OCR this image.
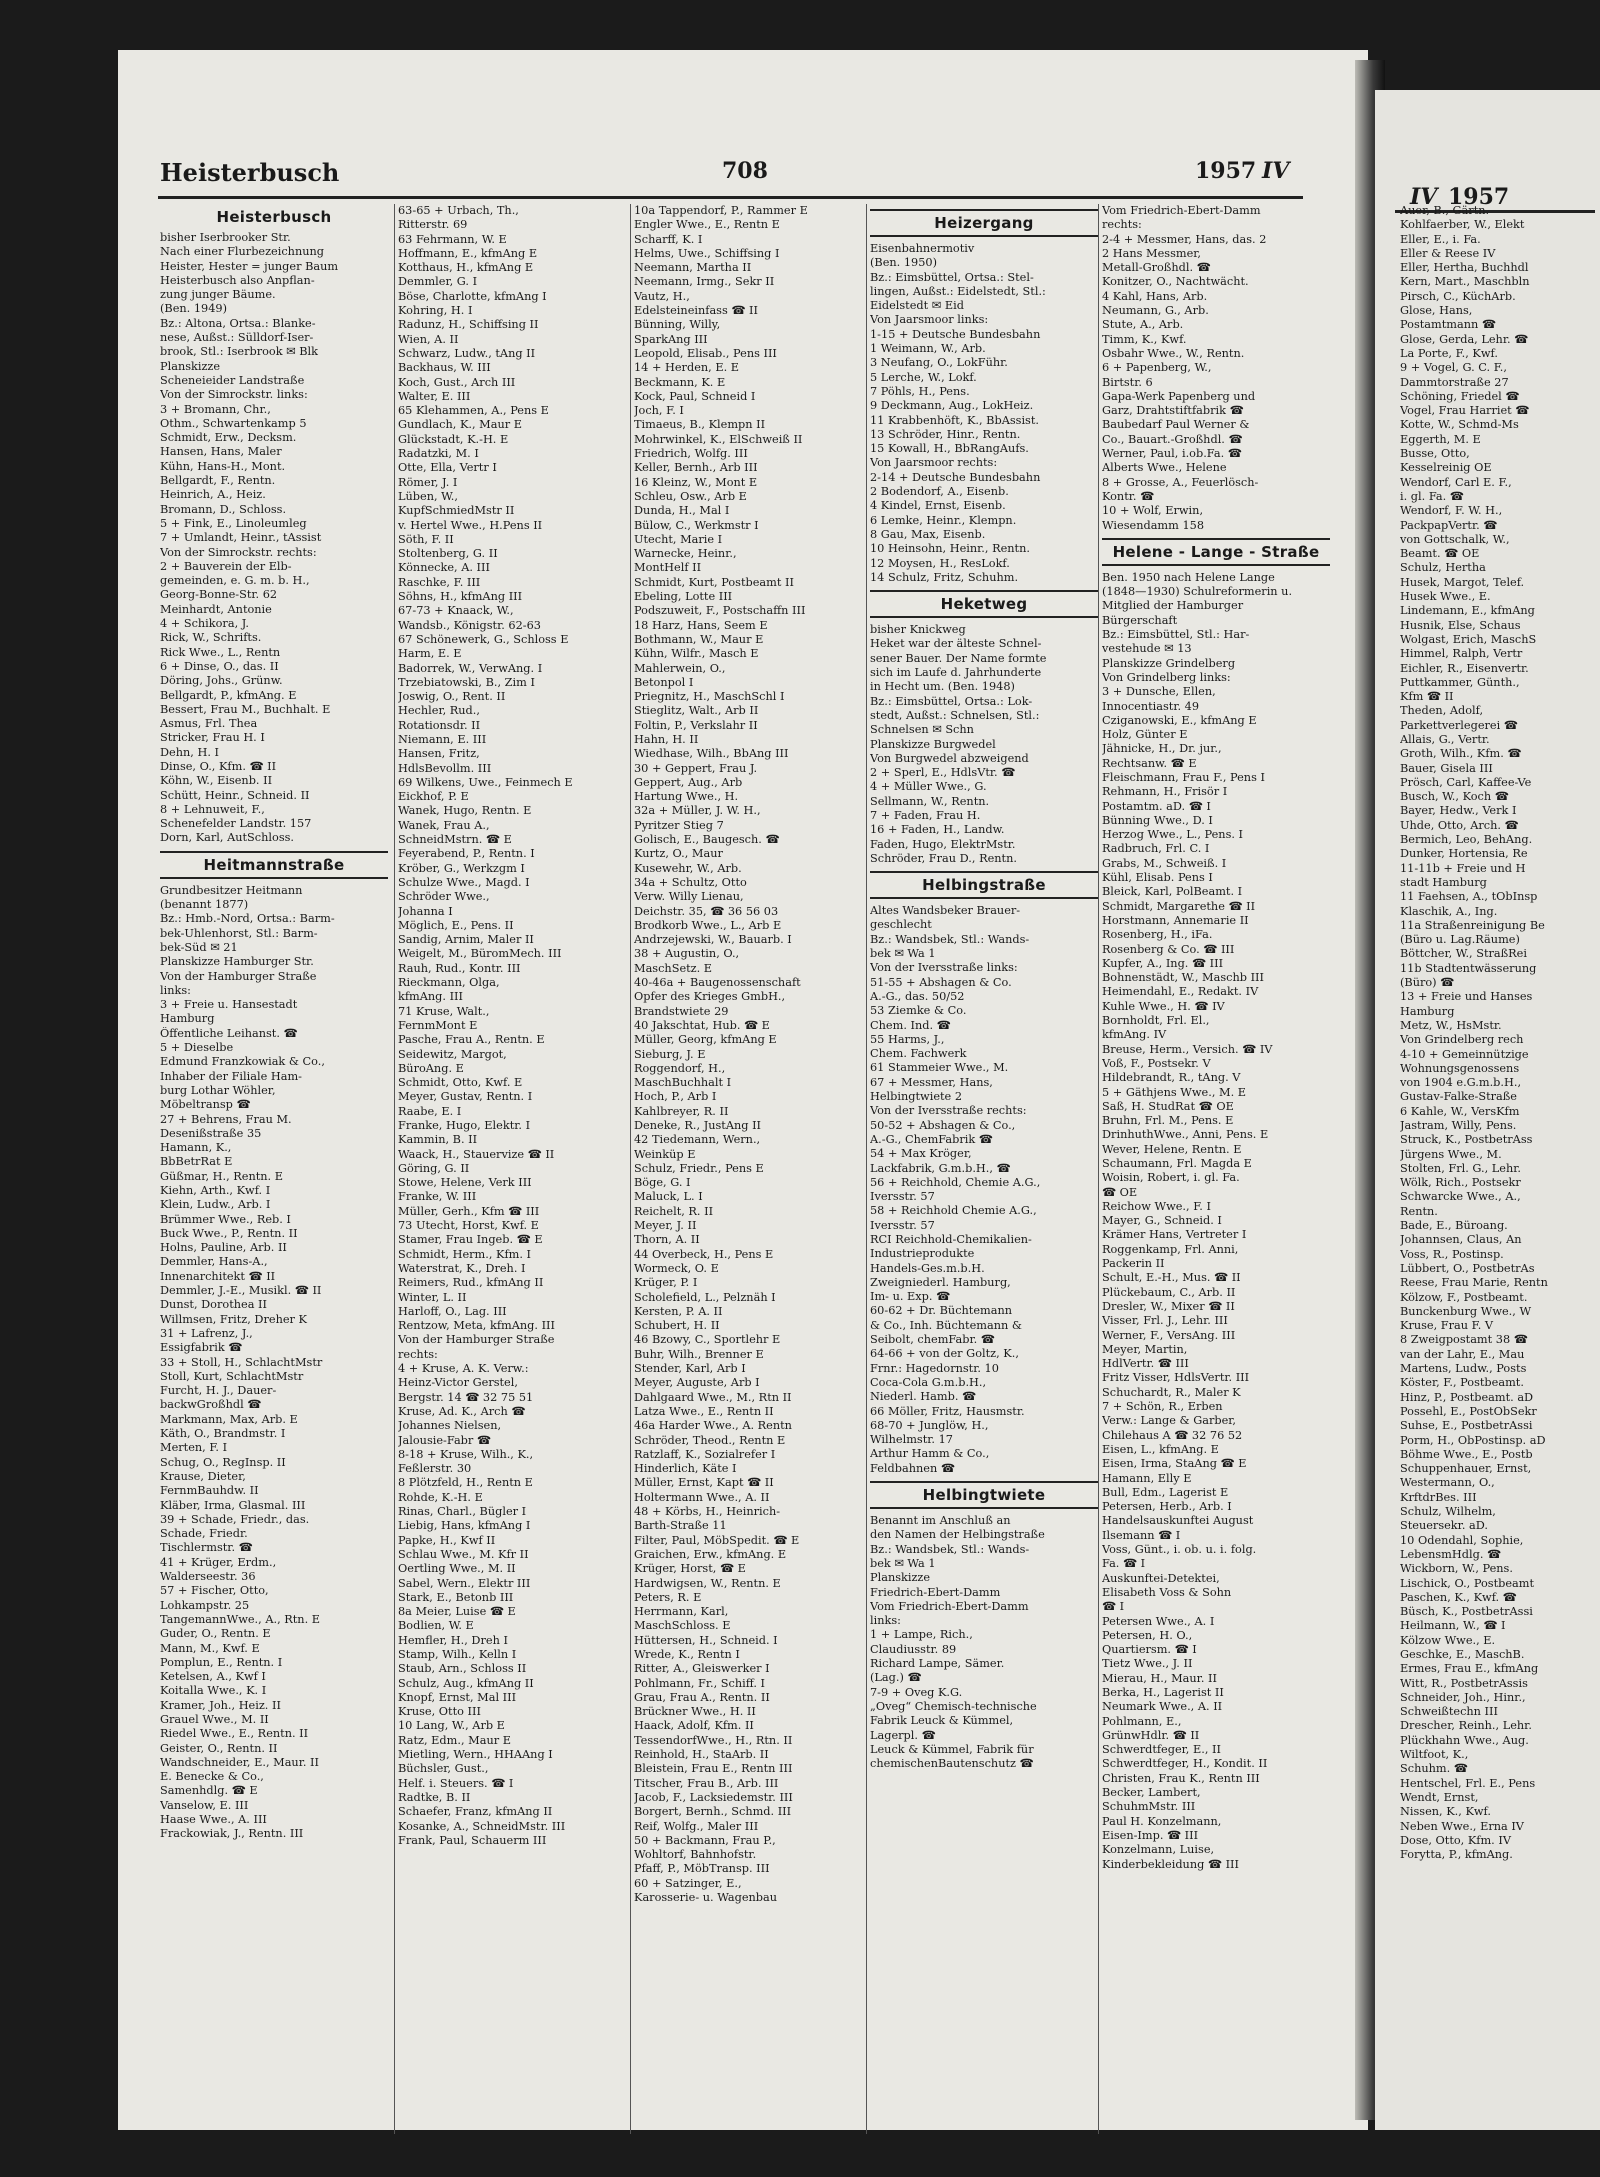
Heisterbusch	708	1957 IV
IV 1957
Heisterbusch
bisher Iserbrooker Str.
Nach einer Flurbezeichnung
Heister, Hester = junger Baum
Heisterbusch also Anpflan-
zung junger Bäume.
(Ben. 1949)
Bz.: Altona, Ortsa.: Blanke-
nese, Außst.: Sülldorf-Iser-
brook, Stl.: Iserbrook ✉ Blk
Planskizze
Scheneieider Landstraße
Von der Simrockstr. links:
3 + Bromann, Chr.,
Othm., Schwartenkamp 5
Schmidt, Erw., Decksm.
Hansen, Hans, Maler
Kühn, Hans-H., Mont.
Bellgardt, F., Rentn.
Heinrich, A., Heiz.
Bromann, D., Schloss.
5 + Fink, E., Linoleumleg
7 + Umlandt, Heinr., tAssist
Von der Simrockstr. rechts:
2 + Bauverein der Elb-
gemeinden, e. G. m. b. H.,
Georg-Bonne-Str. 62
Meinhardt, Antonie
4 + Schikora, J.
Rick, W., Schrifts.
Rick Wwe., L., Rentn
6 + Dinse, O., das. II
Döring, Johs., Grünw.
Bellgardt, P., kfmAng. E
Bessert, Frau M., Buchhalt. E
Asmus, Frl. Thea
Stricker, Frau H. I
Dehn, H. I
Dinse, O., Kfm. ☎ II
Köhn, W., Eisenb. II
Schütt, Heinr., Schneid. II
8 + Lehnuweit, F.,
Schenefelder Landstr. 157
Dorn, Karl, AutSchloss.
Heitmannstraße
Grundbesitzer Heitmann
(benannt 1877)
Bz.: Hmb.-Nord, Ortsa.: Barm-
bek-Uhlenhorst, Stl.: Barm-
bek-Süd ✉ 21
Planskizze Hamburger Str.
Von der Hamburger Straße
links:
3 + Freie u. Hansestadt
Hamburg
Öffentliche Leihanst. ☎
5 + Dieselbe
Edmund Franzkowiak & Co.,
Inhaber der Filiale Ham-
burg Lothar Wöhler,
Möbeltransp ☎
27 + Behrens, Frau M.
Desenißstraße 35
Hamann, K.,
BbBetrRat E
Güßmar, H., Rentn. E
Kiehn, Arth., Kwf. I
Klein, Ludw., Arb. I
Brümmer Wwe., Reb. I
Buck Wwe., P., Rentn. II
Holns, Pauline, Arb. II
Demmler, Hans-A.,
Innenarchitekt ☎ II
Demmler, J.-E., Musikl. ☎ II
Dunst, Dorothea II
Willmsen, Fritz, Dreher K
31 + Lafrenz, J.,
Essigfabrik ☎
33 + Stoll, H., SchlachtMstr
Stoll, Kurt, SchlachtMstr
Furcht, H. J., Dauer-
backwGroßhdl ☎
Markmann, Max, Arb. E
Käth, O., Brandmstr. I
Merten, F. I
Schug, O., RegInsp. II
Krause, Dieter,
FernmBauhdw. II
Kläber, Irma, Glasmal. III
39 + Schade, Friedr., das.
Schade, Friedr.
Tischlermstr. ☎
41 + Krüger, Erdm.,
Walderseestr. 36
57 + Fischer, Otto,
Lohkampstr. 25
TangemannWwe., A., Rtn. E
Guder, O., Rentn. E
Mann, M., Kwf. E
Pomplun, E., Rentn. I
Ketelsen, A., Kwf I
Koitalla Wwe., K. I
Kramer, Joh., Heiz. II
Grauel Wwe., M. II
Riedel Wwe., E., Rentn. II
Geister, O., Rentn. II
Wandschneider, E., Maur. II
E. Benecke & Co.,
Samenhdlg. ☎ E
Vanselow, E. III
Haase Wwe., A. III
Frackowiak, J., Rentn. III
63-65 + Urbach, Th.,
Ritterstr. 69
63 Fehrmann, W. E
Hoffmann, E., kfmAng E
Kotthaus, H., kfmAng E
Demmler, G. I
Böse, Charlotte, kfmAng I
Kohring, H. I
Radunz, H., Schiffsing II
Wien, A. II
Schwarz, Ludw., tAng II
Backhaus, W. III
Koch, Gust., Arch III
Walter, E. III
65 Klehammen, A., Pens E
Gundlach, K., Maur E
Glückstadt, K.-H. E
Radatzki, M. I
Otte, Ella, Vertr I
Römer, J. I
Lüben, W.,
KupfSchmiedMstr II
v. Hertel Wwe., H.Pens II
Söth, F. II
Stoltenberg, G. II
Könnecke, A. III
Raschke, F. III
Söhns, H., kfmAng III
67-73 + Knaack, W.,
Wandsb., Königstr. 62-63
67 Schönewerk, G., Schloss E
Harm, E. E
Badorrek, W., VerwAng. I
Trzebiatowski, B., Zim I
Joswig, O., Rent. II
Hechler, Rud.,
Rotationsdr. II
Niemann, E. III
Hansen, Fritz,
HdlsBevollm. III
69 Wilkens, Uwe., Feinmech E
Eickhof, P. E
Wanek, Hugo, Rentn. E
Wanek, Frau A.,
SchneidMstrn. ☎ E
Feyerabend, P., Rentn. I
Kröber, G., Werkzgm I
Schulze Wwe., Magd. I
Schröder Wwe.,
Johanna I
Möglich, E., Pens. II
Sandig, Arnim, Maler II
Weigelt, M., BüromMech. III
Rauh, Rud., Kontr. III
Rieckmann, Olga,
kfmAng. III
71 Kruse, Walt.,
FernmMont E
Pasche, Frau A., Rentn. E
Seidewitz, Margot,
BüroAng. E
Schmidt, Otto, Kwf. E
Meyer, Gustav, Rentn. I
Raabe, E. I
Franke, Hugo, Elektr. I
Kammin, B. II
Waack, H., Stauervize ☎ II
Göring, G. II
Stowe, Helene, Verk III
Franke, W. III
Müller, Gerh., Kfm ☎ III
73 Utecht, Horst, Kwf. E
Stamer, Frau Ingeb. ☎ E
Schmidt, Herm., Kfm. I
Waterstrat, K., Dreh. I
Reimers, Rud., kfmAng II
Winter, L. II
Harloff, O., Lag. III
Rentzow, Meta, kfmAng. III
Von der Hamburger Straße
rechts:
4 + Kruse, A. K. Verw.:
Heinz-Victor Gerstel,
Bergstr. 14 ☎ 32 75 51
Kruse, Ad. K., Arch ☎
Johannes Nielsen,
Jalousie-Fabr ☎
8-18 + Kruse, Wilh., K.,
Feßlerstr. 30
8 Plötzfeld, H., Rentn E
Rohde, K.-H. E
Rinas, Charl., Bügler I
Liebig, Hans, kfmAng I
Papke, H., Kwf II
Schlau Wwe., M. Kfr II
Oertling Wwe., M. II
Sabel, Wern., Elektr III
Stark, E., Betonb III
8a Meier, Luise ☎ E
Bodlien, W. E
Hemfler, H., Dreh I
Stamp, Wilh., Kelln I
Staub, Arn., Schloss II
Schulz, Aug., kfmAng II
Knopf, Ernst, Mal III
Kruse, Otto III
10 Lang, W., Arb E
Ratz, Edm., Maur E
Mietling, Wern., HHAAng I
Büchsler, Gust.,
Helf. i. Steuers. ☎ I
Radtke, B. II
Schaefer, Franz, kfmAng II
Kosanke, A., SchneidMstr. III
Frank, Paul, Schauerm III
10a Tappendorf, P., Rammer E
Engler Wwe., E., Rentn E
Scharff, K. I
Helms, Uwe., Schiffsing I
Neemann, Martha II
Neemann, Irmg., Sekr II
Vautz, H.,
Edelsteineinfass ☎ II
Bünning, Willy,
SparkAng III
Leopold, Elisab., Pens III
14 + Herden, E. E
Beckmann, K. E
Kock, Paul, Schneid I
Joch, F. I
Timaeus, B., Klempn II
Mohrwinkel, K., ElSchweiß II
Friedrich, Wolfg. III
Keller, Bernh., Arb III
16 Kleinz, W., Mont E
Schleu, Osw., Arb E
Dunda, H., Mal I
Bülow, C., Werkmstr I
Utecht, Marie I
Warnecke, Heinr.,
MontHelf II
Schmidt, Kurt, Postbeamt II
Ebeling, Lotte III
Podszuweit, F., Postschaffn III
18 Harz, Hans, Seem E
Bothmann, W., Maur E
Kühn, Wilfr., Masch E
Mahlerwein, O.,
Betonpol I
Priegnitz, H., MaschSchl I
Stieglitz, Walt., Arb II
Foltin, P., Verkslahr II
Hahn, H. II
Wiedhase, Wilh., BbAng III
30 + Geppert, Frau J.
Geppert, Aug., Arb
Hartung Wwe., H.
32a + Müller, J. W. H.,
Pyritzer Stieg 7
Golisch, E., Baugesch. ☎
Kurtz, O., Maur
Kusewehr, W., Arb.
34a + Schultz, Otto
Verw. Willy Lienau,
Deichstr. 35, ☎ 36 56 03
Brodkorb Wwe., L., Arb E
Andrzejewski, W., Bauarb. I
38 + Augustin, O.,
MaschSetz. E
40-46a + Baugenossenschaft
Opfer des Krieges GmbH.,
Brandstwiete 29
40 Jakschtat, Hub. ☎ E
Müller, Georg, kfmAng E
Sieburg, J. E
Roggendorf, H.,
MaschBuchhalt I
Hoch, P., Arb I
Kahlbreyer, R. II
Deneke, R., JustAng II
42 Tiedemann, Wern.,
Weinküp E
Schulz, Friedr., Pens E
Böge, G. I
Maluck, L. I
Reichelt, R. II
Meyer, J. II
Thorn, A. II
44 Overbeck, H., Pens E
Wormeck, O. E
Krüger, P. I
Scholefield, L., Pelznäh I
Kersten, P. A. II
Schubert, H. II
46 Bzowy, C., Sportlehr E
Buhr, Wilh., Brenner E
Stender, Karl, Arb I
Meyer, Auguste, Arb I
Dahlgaard Wwe., M., Rtn II
Latza Wwe., E., Rentn II
46a Harder Wwe., A. Rentn
Schröder, Theod., Rentn E
Ratzlaff, K., Sozialrefer I
Hinderlich, Käte I
Müller, Ernst, Kapt ☎ II
Holtermann Wwe., A. II
48 + Körbs, H., Heinrich-
Barth-Straße 11
Filter, Paul, MöbSpedit. ☎ E
Graichen, Erw., kfmAng. E
Krüger, Horst, ☎ E
Hardwigsen, W., Rentn. E
Peters, R. E
Herrmann, Karl,
MaschSchloss. E
Hüttersen, H., Schneid. I
Wrede, K., Rentn I
Ritter, A., Gleiswerker I
Pohlmann, Fr., Schiff. I
Grau, Frau A., Rentn. II
Brückner Wwe., H. II
Haack, Adolf, Kfm. II
TessendorfWwe., H., Rtn. II
Reinhold, H., StaArb. II
Bleistein, Frau E., Rentn III
Titscher, Frau B., Arb. III
Jacob, F., Lacksiedemstr. III
Borgert, Bernh., Schmd. III
Reif, Wolfg., Maler III
50 + Backmann, Frau P.,
Wohltorf, Bahnhofstr.
Pfaff, P., MöbTransp. III
60 + Satzinger, E.,
Karosserie- u. Wagenbau
Heizergang
Eisenbahnermotiv
(Ben. 1950)
Bz.: Eimsbüttel, Ortsa.: Stel-
lingen, Außst.: Eidelstedt, Stl.:
Eidelstedt ✉ Eid
Von Jaarsmoor links:
1-15 + Deutsche Bundesbahn
1 Weimann, W., Arb.
3 Neufang, O., LokFühr.
5 Lerche, W., Lokf.
7 Pöhls, H., Pens.
9 Deckmann, Aug., LokHeiz.
11 Krabbenhöft, K., BbAssist.
13 Schröder, Hinr., Rentn.
15 Kowall, H., BbRangAufs.
Von Jaarsmoor rechts:
2-14 + Deutsche Bundesbahn
2 Bodendorf, A., Eisenb.
4 Kindel, Ernst, Eisenb.
6 Lemke, Heinr., Klempn.
8 Gau, Max, Eisenb.
10 Heinsohn, Heinr., Rentn.
12 Moysen, H., ResLokf.
14 Schulz, Fritz, Schuhm.
Heketweg
bisher Knickweg
Heket war der älteste Schnel-
sener Bauer. Der Name formte
sich im Laufe d. Jahrhunderte
in Hecht um. (Ben. 1948)
Bz.: Eimsbüttel, Ortsa.: Lok-
stedt, Außst.: Schnelsen, Stl.:
Schnelsen ✉ Schn
Planskizze Burgwedel
Von Burgwedel abzweigend
2 + Sperl, E., HdlsVtr. ☎
4 + Müller Wwe., G.
Sellmann, W., Rentn.
7 + Faden, Frau H.
16 + Faden, H., Landw.
Faden, Hugo, ElektrMstr.
Schröder, Frau D., Rentn.
Helbingstraße
Altes Wandsbeker Brauer-
geschlecht
Bz.: Wandsbek, Stl.: Wands-
bek ✉ Wa 1
Von der Iversstraße links:
51-55 + Abshagen & Co.
A.-G., das. 50/52
53 Ziemke & Co.
Chem. Ind. ☎
55 Harms, J.,
Chem. Fachwerk
61 Stammeier Wwe., M.
67 + Messmer, Hans,
Helbingtwiete 2
Von der Iversstraße rechts:
50-52 + Abshagen & Co.,
A.-G., ChemFabrik ☎
54 + Max Kröger,
Lackfabrik, G.m.b.H., ☎
56 + Reichhold, Chemie A.G.,
Iversstr. 57
58 + Reichhold Chemie A.G.,
Iversstr. 57
RCI Reichhold-Chemikalien-
Industrieprodukte
Handels-Ges.m.b.H.
Zweigniederl. Hamburg,
Im- u. Exp. ☎
60-62 + Dr. Büchtemann
& Co., Inh. Büchtemann &
Seibolt, chemFabr. ☎
64-66 + von der Goltz, K.,
Frnr.: Hagedornstr. 10
Coca-Cola G.m.b.H.,
Niederl. Hamb. ☎
66 Möller, Fritz, Hausmstr.
68-70 + Junglöw, H.,
Wilhelmstr. 17
Arthur Hamm & Co.,
Feldbahnen ☎
Helbingtwiete
Benannt im Anschluß an
den Namen der Helbingstraße
Bz.: Wandsbek, Stl.: Wands-
bek ✉ Wa 1
Planskizze
Friedrich-Ebert-Damm
Vom Friedrich-Ebert-Damm
links:
1 + Lampe, Rich.,
Claudiusstr. 89
Richard Lampe, Sämer.
(Lag.) ☎
7-9 + Oveg K.G.
„Oveg“ Chemisch-technische
Fabrik Leuck & Kümmel,
Lagerpl. ☎
Leuck & Kümmel, Fabrik für
chemischenBautenschutz ☎
Vom Friedrich-Ebert-Damm
rechts:
2-4 + Messmer, Hans, das. 2
2 Hans Messmer,
Metall-Großhdl. ☎
Konitzer, O., Nachtwächt.
4 Kahl, Hans, Arb.
Neumann, G., Arb.
Stute, A., Arb.
Timm, K., Kwf.
Osbahr Wwe., W., Rentn.
6 + Papenberg, W.,
Birtstr. 6
Gapa-Werk Papenberg und
Garz, Drahtstiftfabrik ☎
Baubedarf Paul Werner &
Co., Bauart.-Großhdl. ☎
Werner, Paul, i.ob.Fa. ☎
Alberts Wwe., Helene
8 + Grosse, A., Feuerlösch-
Kontr. ☎
10 + Wolf, Erwin,
Wiesendamm 158
Helene - Lange - Straße
Ben. 1950 nach Helene Lange
(1848—1930) Schulreformerin u.
Mitglied der Hamburger
Bürgerschaft
Bz.: Eimsbüttel, Stl.: Har-
vestehude ✉ 13
Planskizze Grindelberg
Von Grindelberg links:
3 + Dunsche, Ellen,
Innocentiastr. 49
Cziganowski, E., kfmAng E
Holz, Günter E
Jähnicke, H., Dr. jur.,
Rechtsanw. ☎ E
Fleischmann, Frau F., Pens I
Rehmann, H., Frisör I
Postamtm. aD. ☎ I
Bünning Wwe., D. I
Herzog Wwe., L., Pens. I
Radbruch, Frl. C. I
Grabs, M., Schweiß. I
Kühl, Elisab. Pens I
Bleick, Karl, PolBeamt. I
Schmidt, Margarethe ☎ II
Horstmann, Annemarie II
Rosenberg, H., iFa.
Rosenberg & Co. ☎ III
Kupfer, A., Ing. ☎ III
Bohnenstädt, W., Maschb III
Heimendahl, E., Redakt. IV
Kuhle Wwe., H. ☎ IV
Bornholdt, Frl. El.,
kfmAng. IV
Breuse, Herm., Versich. ☎ IV
Voß, F., Postsekr. V
Hildebrandt, R., tAng. V
5 + Gäthjens Wwe., M. E
Saß, H. StudRat ☎ OE
Bruhn, Frl. M., Pens. E
DrinhuthWwe., Anni, Pens. E
Wever, Helene, Rentn. E
Schaumann, Frl. Magda E
Woisin, Robert, i. gl. Fa.
☎ OE
Reichow Wwe., F. I
Mayer, G., Schneid. I
Krämer Hans, Vertreter I
Roggenkamp, Frl. Anni,
Packerin II
Schult, E.-H., Mus. ☎ II
Plückebaum, C., Arb. II
Dresler, W., Mixer ☎ II
Visser, Frl. J., Lehr. III
Werner, F., VersAng. III
Meyer, Martin,
HdlVertr. ☎ III
Fritz Visser, HdlsVertr. III
Schuchardt, R., Maler K
7 + Schön, R., Erben
Verw.: Lange & Garber,
Chilehaus A ☎ 32 76 52
Eisen, L., kfmAng. E
Eisen, Irma, StaAng ☎ E
Hamann, Elly E
Bull, Edm., Lagerist E
Petersen, Herb., Arb. I
Handelsauskunftei August
Ilsemann ☎ I
Voss, Günt., i. ob. u. i. folg.
Fa. ☎ I
Auskunftei-Detektei,
Elisabeth Voss & Sohn
☎ I
Petersen Wwe., A. I
Petersen, H. O.,
Quartiersm. ☎ I
Tietz Wwe., J. II
Mierau, H., Maur. II
Berka, H., Lagerist II
Neumark Wwe., A. II
Pohlmann, E.,
GrünwHdlr. ☎ II
Schwerdtfeger, E., II
Schwerdtfeger, H., Kondit. II
Christen, Frau K., Rentn III
Becker, Lambert,
SchuhmMstr. III
Paul H. Konzelmann,
Eisen-Imp. ☎ III
Konzelmann, Luise,
Kinderbekleidung ☎ III
Auer, B., Gärtn.
Kohlfaerber, W., Elekt
Eller, E., i. Fa.
Eller & Reese IV
Eller, Hertha, Buchhdl
Kern, Mart., Maschbln
Pirsch, C., KüchArb.
Glose, Hans,
Postamtmann ☎
Glose, Gerda, Lehr. ☎
La Porte, F., Kwf.
9 + Vogel, G. C. F.,
Dammtorstraße 27
Schöning, Friedel ☎
Vogel, Frau Harriet ☎
Kotte, W., Schmd-Ms
Eggerth, M. E
Busse, Otto,
Kesselreinig OE
Wendorf, Carl E. F.,
i. gl. Fa. ☎
Wendorf, F. W. H.,
PackpapVertr. ☎
von Gottschalk, W.,
Beamt. ☎ OE
Schulz, Hertha
Husek, Margot, Telef.
Husek Wwe., E.
Lindemann, E., kfmAng
Husnik, Else, Schaus
Wolgast, Erich, MaschS
Himmel, Ralph, Vertr
Eichler, R., Eisenvertr.
Puttkammer, Günth.,
Kfm ☎ II
Theden, Adolf,
Parkettverlegerei ☎
Allais, G., Vertr.
Groth, Wilh., Kfm. ☎
Bauer, Gisela III
Prösch, Carl, Kaffee-Ve
Busch, W., Koch ☎
Bayer, Hedw., Verk I
Uhde, Otto, Arch. ☎
Bermich, Leo, BehAng.
Dunker, Hortensia, Re
11-11b + Freie und H
stadt Hamburg
11 Faehsen, A., tObInsp
Klaschik, A., Ing.
11a Straßenreinigung Be
(Büro u. Lag.Räume)
Böttcher, W., StraßRei
11b Stadtentwässerung
(Büro) ☎
13 + Freie und Hanses
Hamburg
Metz, W., HsMstr.
Von Grindelberg rech
4-10 + Gemeinnützige
Wohnungsgenossens
von 1904 e.G.m.b.H.,
Gustav-Falke-Straße
6 Kahle, W., VersKfm
Jastram, Willy, Pens.
Struck, K., PostbetrAss
Jürgens Wwe., M.
Stolten, Frl. G., Lehr.
Wölk, Rich., Postsekr
Schwarcke Wwe., A.,
Rentn.
Bade, E., Büroang.
Johannsen, Claus, An
Voss, R., Postinsp.
Lübbert, O., PostbetrAs
Reese, Frau Marie, Rentn
Kölzow, F., Postbeamt.
Bunckenburg Wwe., W
Kruse, Frau F. V
8 Zweigpostamt 38 ☎
van der Lahr, E., Mau
Martens, Ludw., Posts
Köster, F., Postbeamt.
Hinz, P., Postbeamt. aD
Possehl, E., PostObSekr
Suhse, E., PostbetrAssi
Porm, H., ObPostinsp. aD
Böhme Wwe., E., Postb
Schuppenhauer, Ernst,
Westermann, O.,
KrftdrBes. III
Schulz, Wilhelm,
Steuersekr. aD.
10 Odendahl, Sophie,
LebensmHdlg. ☎
Wickborn, W., Pens.
Lischick, O., Postbeamt
Paschen, K., Kwf. ☎
Büsch, K., PostbetrAssi
Heilmann, W., ☎ I
Kölzow Wwe., E.
Geschke, E., MaschB.
Ermes, Frau E., kfmAng
Witt, R., PostbetrAssis
Schneider, Joh., Hinr.,
Schweißtechn III
Drescher, Reinh., Lehr.
Plückhahn Wwe., Aug.
Wiltfoot, K.,
Schuhm. ☎
Hentschel, Frl. E., Pens
Wendt, Ernst,
Nissen, K., Kwf.
Neben Wwe., Erna IV
Dose, Otto, Kfm. IV
Forytta, P., kfmAng.
